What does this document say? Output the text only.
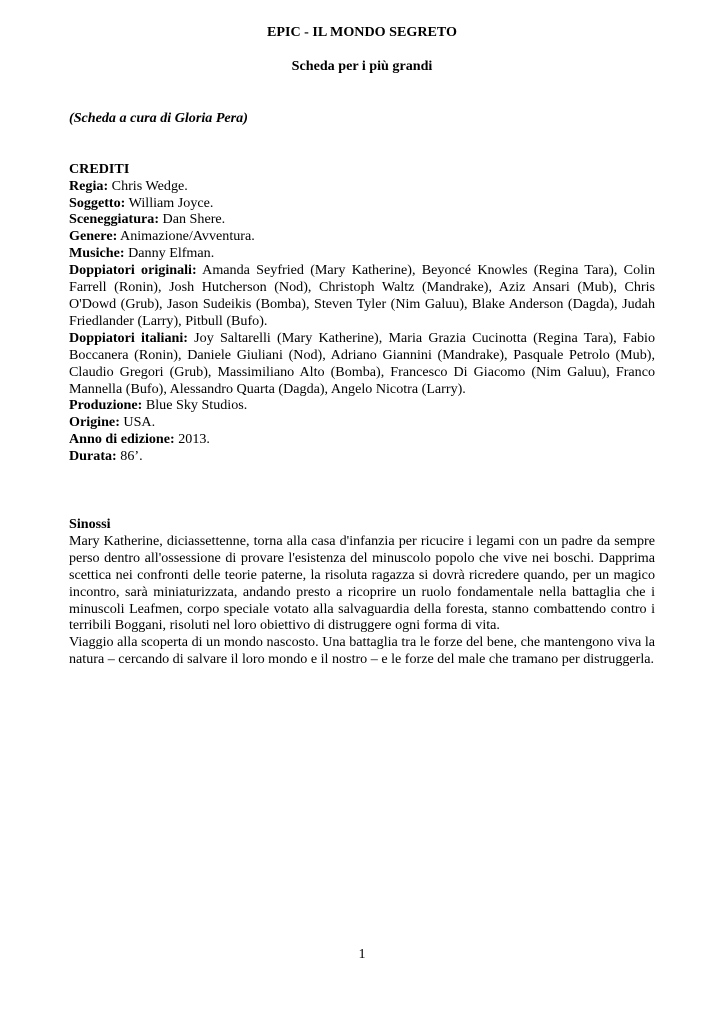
EPIC - IL MONDO SEGRETO
Scheda per i più grandi
(Scheda a cura di Gloria Pera)
CREDITI
Regia: Chris Wedge.
Soggetto: William Joyce.
Sceneggiatura: Dan Shere.
Genere: Animazione/Avventura.
Musiche: Danny Elfman.
Doppiatori originali: Amanda Seyfried (Mary Katherine), Beyoncé Knowles (Regina Tara), Colin Farrell (Ronin), Josh Hutcherson (Nod), Christoph Waltz (Mandrake), Aziz Ansari (Mub), Chris O'Dowd (Grub), Jason Sudeikis (Bomba), Steven Tyler (Nim Galuu), Blake Anderson (Dagda), Judah Friedlander (Larry), Pitbull (Bufo).
Doppiatori italiani: Joy Saltarelli (Mary Katherine), Maria Grazia Cucinotta (Regina Tara), Fabio Boccanera (Ronin), Daniele Giuliani (Nod), Adriano Giannini (Mandrake), Pasquale Petrolo (Mub), Claudio Gregori (Grub), Massimiliano Alto (Bomba), Francesco Di Giacomo (Nim Galuu), Franco Mannella (Bufo), Alessandro Quarta (Dagda), Angelo Nicotra (Larry).
Produzione: Blue Sky Studios.
Origine: USA.
Anno di edizione: 2013.
Durata: 86’.
Sinossi
Mary Katherine, diciassettenne, torna alla casa d'infanzia per ricucire i legami con un padre da sempre perso dentro all'ossessione di provare l'esistenza del minuscolo popolo che vive nei boschi. Dapprima scettica nei confronti delle teorie paterne, la risoluta ragazza si dovrà ricredere quando, per un magico incontro, sarà miniaturizzata, andando presto a ricoprire un ruolo fondamentale nella battaglia che i minuscoli Leafmen, corpo speciale votato alla salvaguardia della foresta, stanno combattendo contro i terribili Boggani, risoluti nel loro obiettivo di distruggere ogni forma di vita.
Viaggio alla scoperta di un mondo nascosto. Una battaglia tra le forze del bene, che mantengono viva la natura – cercando di salvare il loro mondo e il nostro – e le forze del male che tramano per distruggerla.
1
